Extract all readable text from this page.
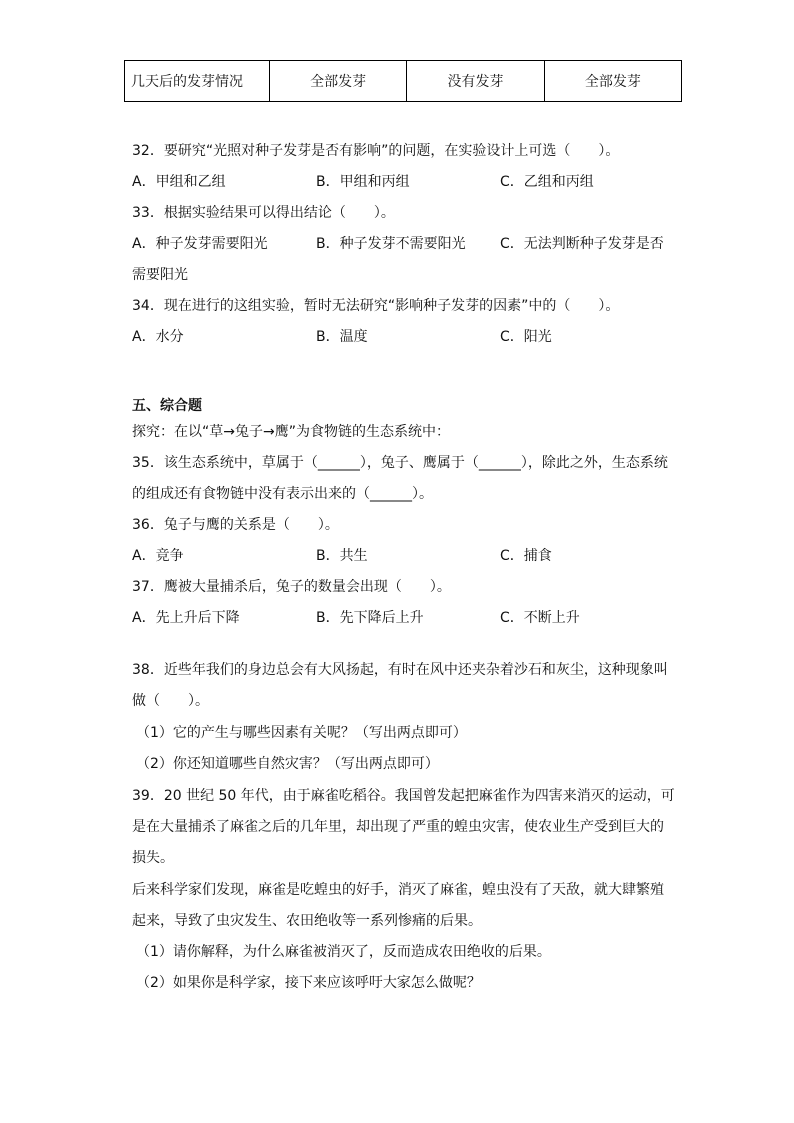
几天后的发芽情况	全部发芽	没有发芽	全部发芽
32．要研究“光照对种子发芽是否有影响”的问题，在实验设计上可选（　　）。
A．甲组和乙组	B．甲组和丙组	C．乙组和丙组
33．根据实验结果可以得出结论（　　）。
A．种子发芽需要阳光	B．种子发芽不需要阳光 C．无法判断种子发芽是否
需要阳光
34．现在进行的这组实验，暂时无法研究“影响种子发芽的因素”中的（　　）。
A．水分	B．温度	C．阳光
五、综合题
探究：在以“草→兔子→鹰”为食物链的生态系统中：
35．该生态系统中，草属于（______），兔子、鹰属于（______），除此之外，生态系统
的组成还有食物链中没有表示出来的（______）。
36．兔子与鹰的关系是（　　）。
A．竞争	B．共生	C．捕食
37．鹰被大量捕杀后，兔子的数量会出现（　　）。
A．先上升后下降	B．先下降后上升	C．不断上升
38．近些年我们的身边总会有大风扬起，有时在风中还夹杂着沙石和灰尘，这种现象叫
做（　　）。
（1）它的产生与哪些因素有关呢？（写出两点即可）
（2）你还知道哪些自然灾害？（写出两点即可）
39．20 世纪 50 年代，由于麻雀吃稻谷。我国曾发起把麻雀作为四害来消灭的运动，可
是在大量捕杀了麻雀之后的几年里，却出现了严重的蝗虫灾害，使农业生产受到巨大的
损失。
后来科学家们发现，麻雀是吃蝗虫的好手，消灭了麻雀，蝗虫没有了天敌，就大肆繁殖
起来，导致了虫灾发生、农田绝收等一系列惨痛的后果。
（1）请你解释，为什么麻雀被消灭了，反而造成农田绝收的后果。
（2）如果你是科学家，接下来应该呼吁大家怎么做呢？
